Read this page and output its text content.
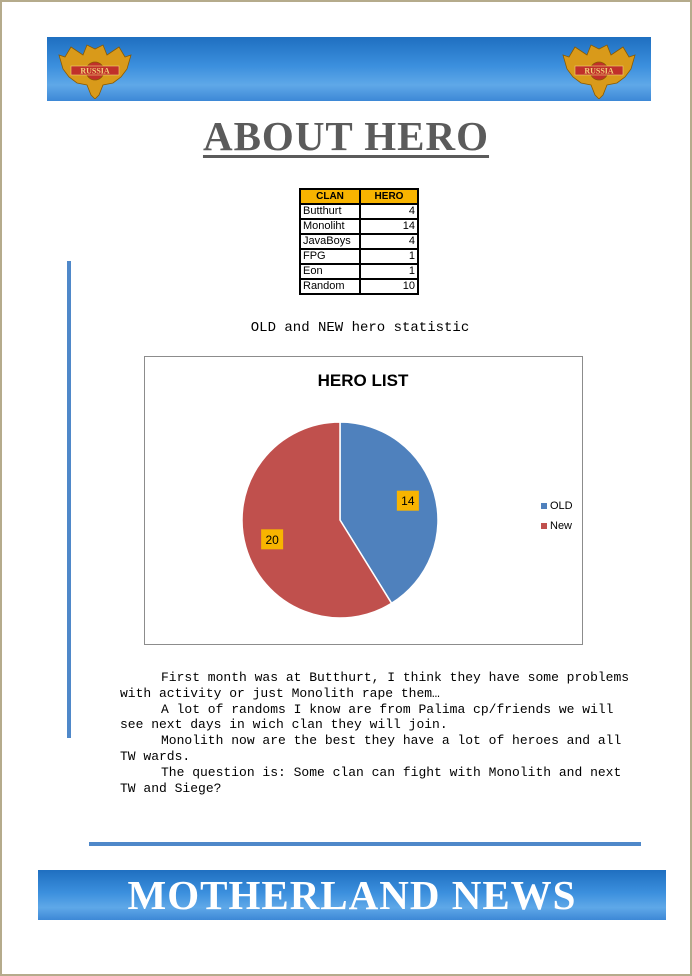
RUSSIA	RUSSIA
ABOUT HERO
CLAN	HERO
Butthurt	4
Monoliht	14
JavaBoys	4
FPG	1
Eon	1
Random	10
OLD and NEW hero statistic
HERO LIST
14
20
OLD
New

First month was at Butthurt, I think they have some problems with activity or just Monolith rape them…

A lot of randoms I know are from Palima cp/friends we will see next days in wich clan they will join.

Monolith now are the best they have a lot of heroes and all TW wards.

The question is: Some clan can fight with Monolith and next TW and Siege?

MOTHERLAND NEWS
